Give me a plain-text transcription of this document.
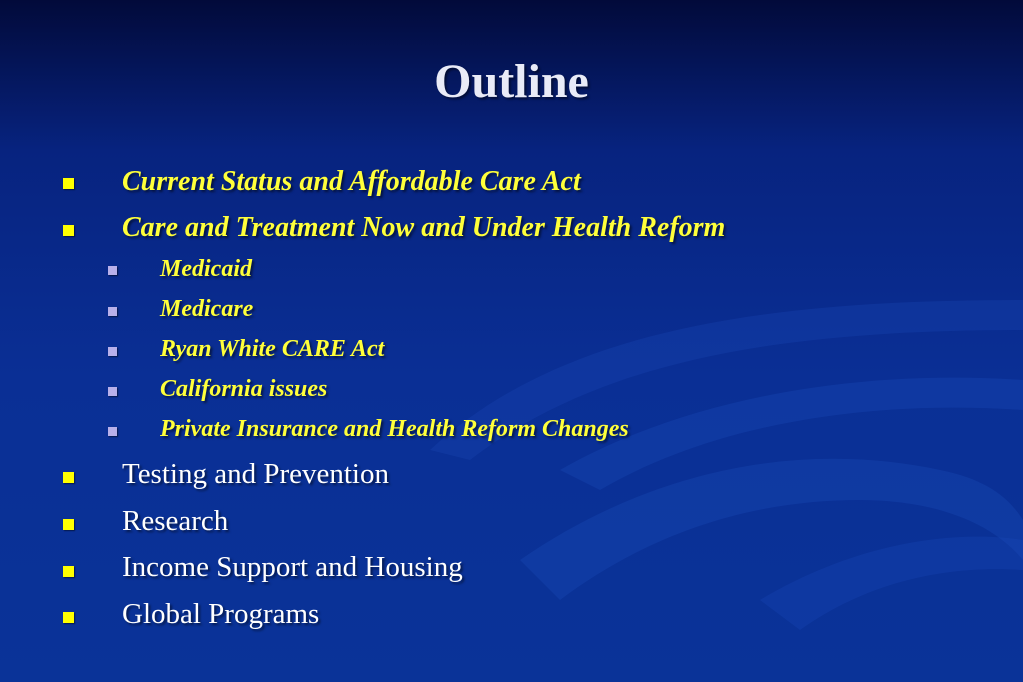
Outline
Current Status and Affordable Care Act
Care and Treatment Now and Under Health Reform
Medicaid
Medicare
Ryan White CARE Act
California issues
Private Insurance and Health Reform Changes
Testing and Prevention
Research
Income Support and Housing
Global Programs
